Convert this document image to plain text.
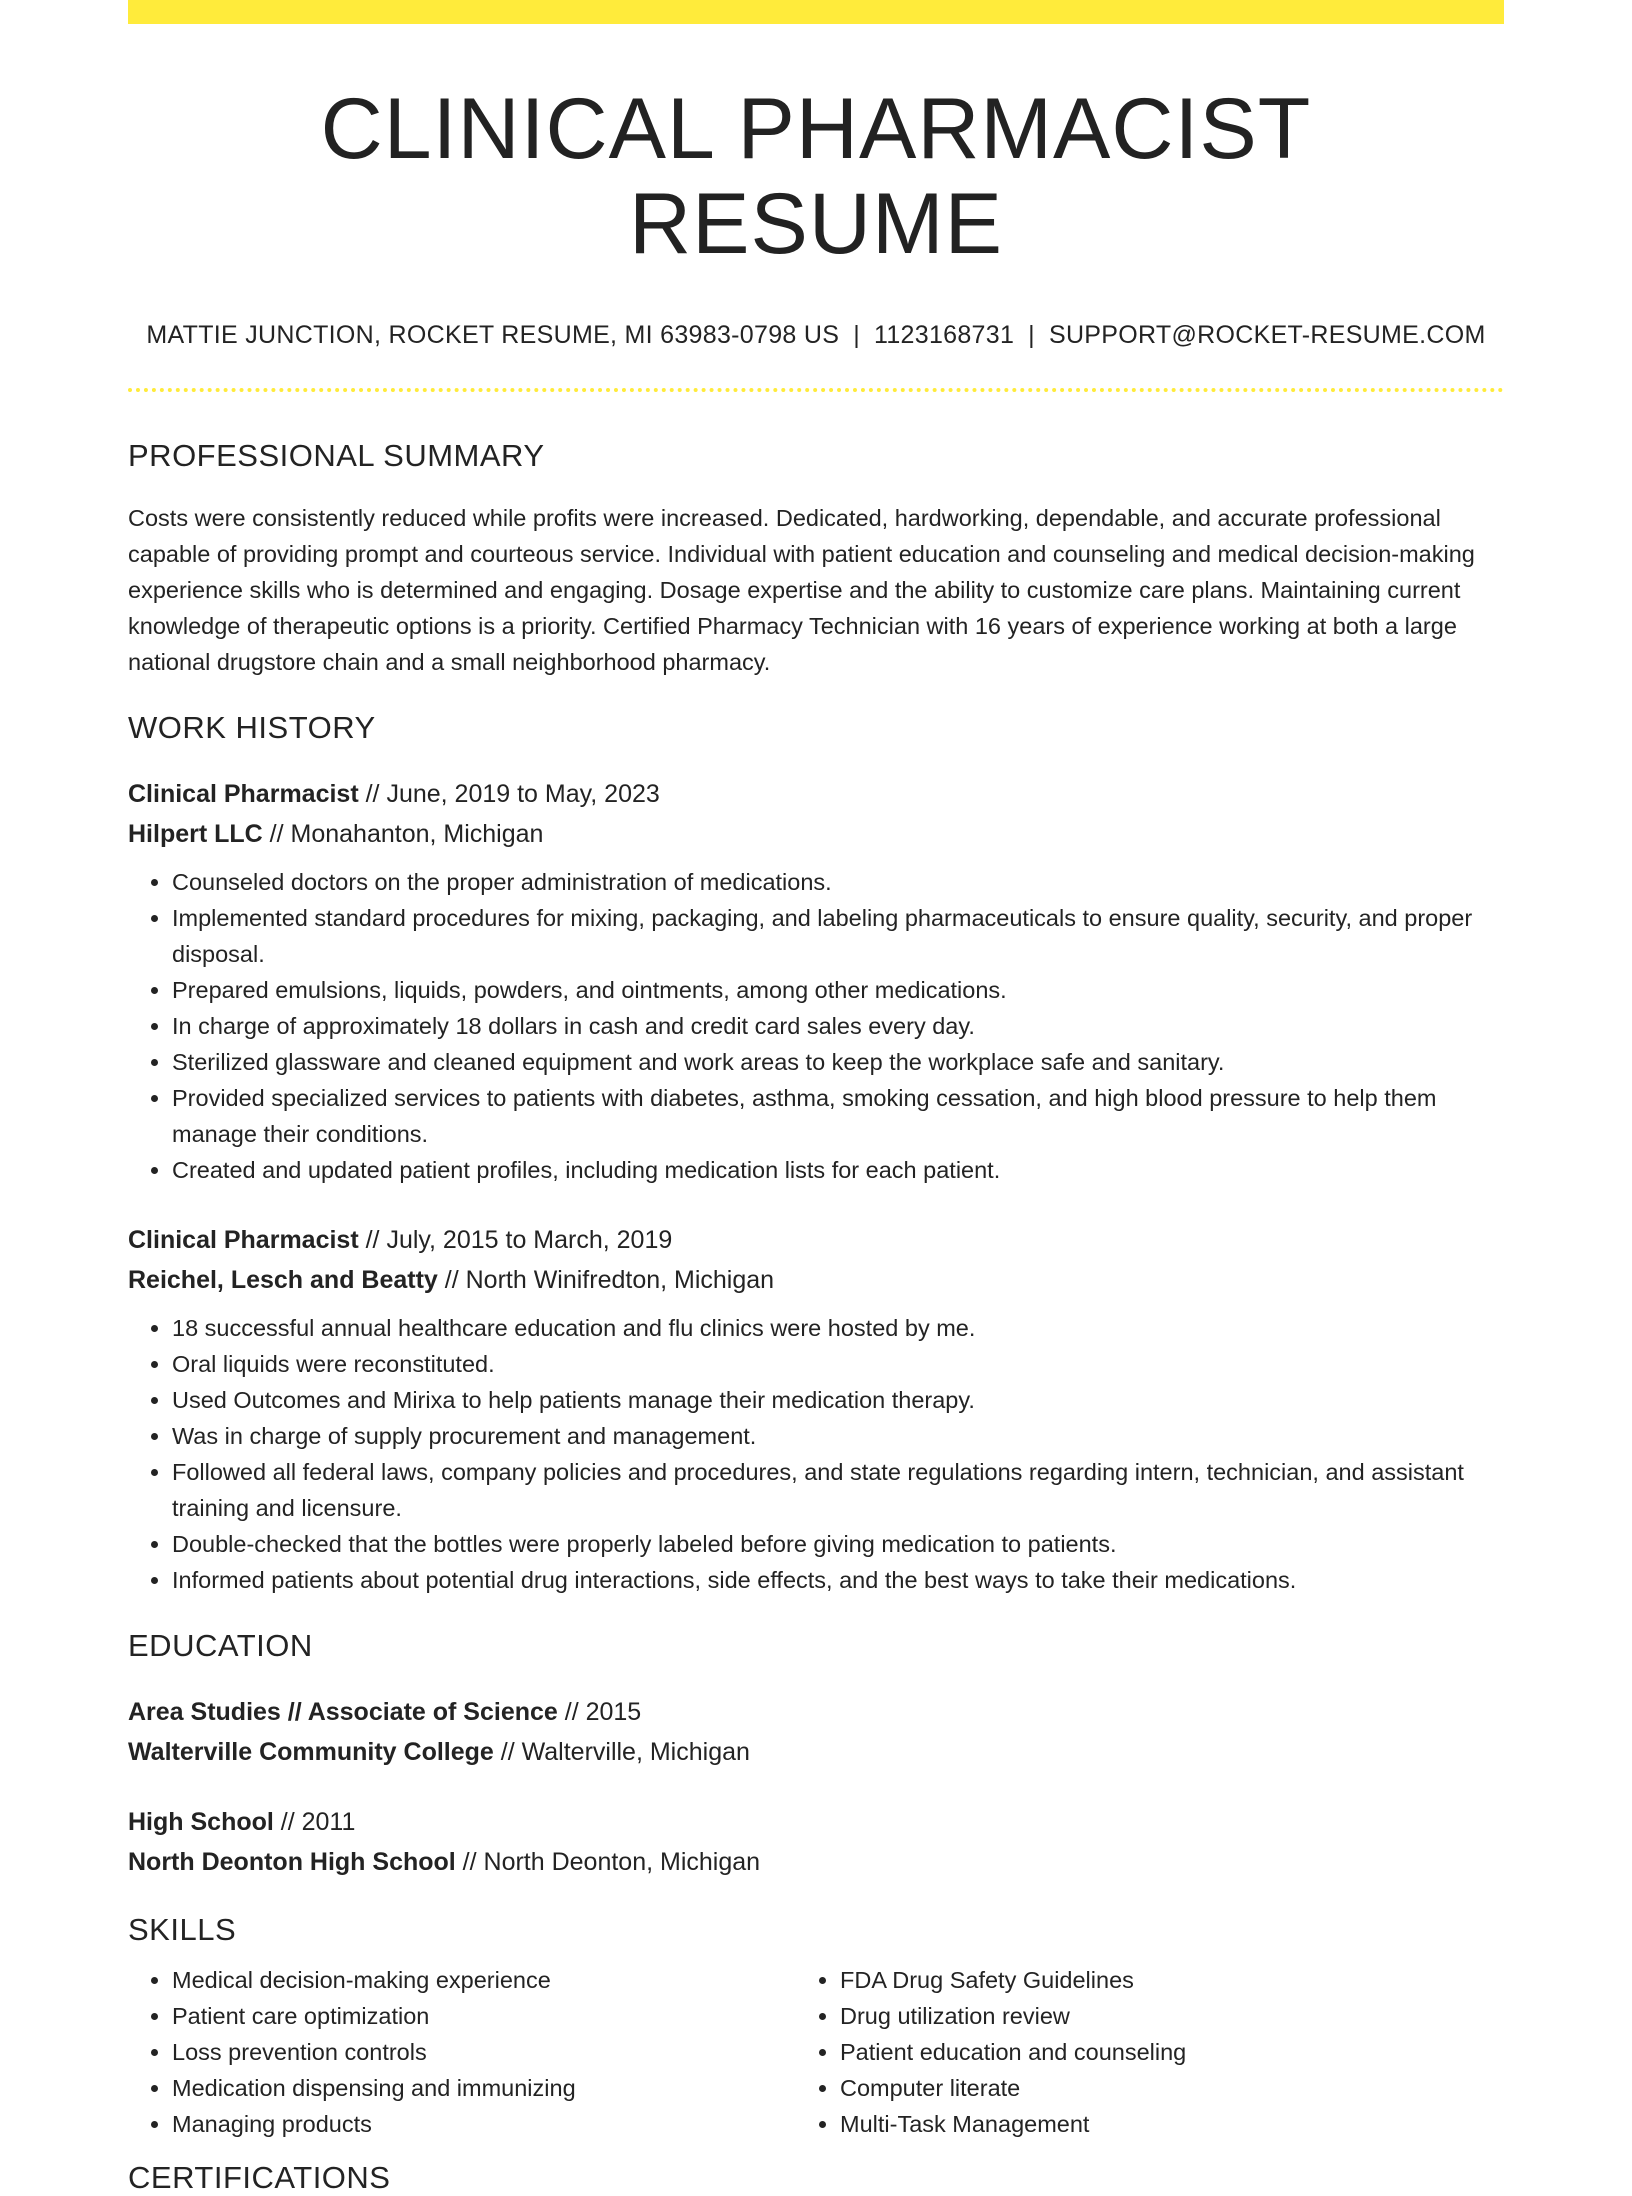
CLINICAL PHARMACIST RESUME
MATTIE JUNCTION, ROCKET RESUME, MI 63983-0798 US | 1123168731 | SUPPORT@ROCKET-RESUME.COM
PROFESSIONAL SUMMARY

Costs were consistently reduced while profits were increased. Dedicated, hardworking, dependable, and accurate professional capable of providing prompt and courteous service. Individual with patient education and counseling and medical decision-making experience skills who is determined and engaging. Dosage expertise and the ability to customize care plans. Maintaining current knowledge of therapeutic options is a priority. Certified Pharmacy Technician with 16 years of experience working at both a large national drugstore chain and a small neighborhood pharmacy.

WORK HISTORY
Clinical Pharmacist // June, 2019 to May, 2023
Hilpert LLC // Monahanton, Michigan
• Counseled doctors on the proper administration of medications.
• Implemented standard procedures for mixing, packaging, and labeling pharmaceuticals to ensure quality, security, and proper disposal.
• Prepared emulsions, liquids, powders, and ointments, among other medications.
• In charge of approximately 18 dollars in cash and credit card sales every day.
• Sterilized glassware and cleaned equipment and work areas to keep the workplace safe and sanitary.
• Provided specialized services to patients with diabetes, asthma, smoking cessation, and high blood pressure to help them manage their conditions.
• Created and updated patient profiles, including medication lists for each patient.
Clinical Pharmacist // July, 2015 to March, 2019
Reichel, Lesch and Beatty // North Winifredton, Michigan
• 18 successful annual healthcare education and flu clinics were hosted by me.
• Oral liquids were reconstituted.
• Used Outcomes and Mirixa to help patients manage their medication therapy.
• Was in charge of supply procurement and management.
• Followed all federal laws, company policies and procedures, and state regulations regarding intern, technician, and assistant training and licensure.
• Double-checked that the bottles were properly labeled before giving medication to patients.
• Informed patients about potential drug interactions, side effects, and the best ways to take their medications.
EDUCATION
Area Studies // Associate of Science // 2015
Walterville Community College // Walterville, Michigan
High School // 2011
North Deonton High School // North Deonton, Michigan
SKILLS
• Medical decision-making experience
• Patient care optimization
• Loss prevention controls
• Medication dispensing and immunizing
• Managing products
• FDA Drug Safety Guidelines
• Drug utilization review
• Patient education and counseling
• Computer literate
• Multi-Task Management
CERTIFICATIONS
